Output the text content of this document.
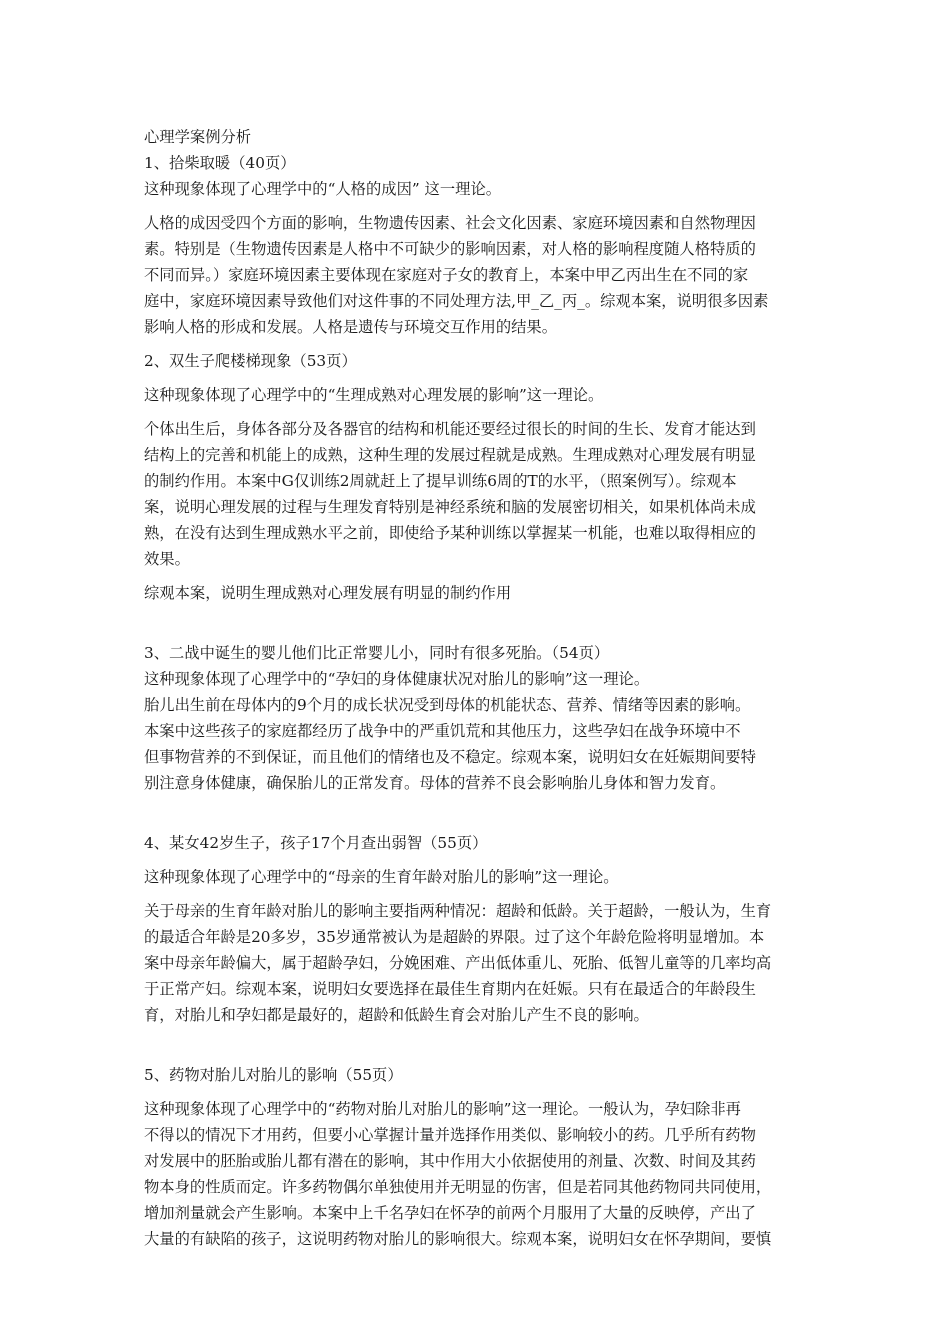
心理学案例分析

1、拾柴取暖（40页）

这种现象体现了心理学中的“人格的成因” 这一理论。

人格的成因受四个方面的影响，生物遗传因素、社会文化因素、家庭环境因素和自然物理因

素。特别是（生物遗传因素是人格中不可缺少的影响因素，对人格的影响程度随人格特质的

不同而异。）家庭环境因素主要体现在家庭对子女的教育上，本案中甲乙丙出生在不同的家

庭中，家庭环境因素导致他们对这件事的不同处理方法,甲_乙_丙_。综观本案，说明很多因素

影响人格的形成和发展。人格是遗传与环境交互作用的结果。

2、双生子爬楼梯现象（53页）

这种现象体现了心理学中的“生理成熟对心理发展的影响”这一理论。

个体出生后，身体各部分及各器官的结构和机能还要经过很长的时间的生长、发育才能达到

结构上的完善和机能上的成熟，这种生理的发展过程就是成熟。生理成熟对心理发展有明显

的制约作用。本案中G仅训练2周就赶上了提早训练6周的T的水平，（照案例写）。综观本

案，说明心理发展的过程与生理发育特别是神经系统和脑的发展密切相关，如果机体尚未成

熟，在没有达到生理成熟水平之前，即使给予某种训练以掌握某一机能，也难以取得相应的

效果。

综观本案，说明生理成熟对心理发展有明显的制约作用

3、二战中诞生的婴儿他们比正常婴儿小，同时有很多死胎。（54页）

这种现象体现了心理学中的“孕妇的身体健康状况对胎儿的影响”这一理论。

胎儿出生前在母体内的9个月的成长状况受到母体的机能状态、营养、情绪等因素的影响。

本案中这些孩子的家庭都经历了战争中的严重饥荒和其他压力，这些孕妇在战争环境中不

但事物营养的不到保证，而且他们的情绪也及不稳定。综观本案，说明妇女在妊娠期间要特

别注意身体健康，确保胎儿的正常发育。母体的营养不良会影响胎儿身体和智力发育。

4、某女42岁生子，孩子17个月查出弱智（55页）

这种现象体现了心理学中的“母亲的生育年龄对胎儿的影响”这一理论。

关于母亲的生育年龄对胎儿的影响主要指两种情况：超龄和低龄。关于超龄，一般认为，生育

的最适合年龄是20多岁，35岁通常被认为是超龄的界限。过了这个年龄危险将明显增加。本

案中母亲年龄偏大，属于超龄孕妇，分娩困难、产出低体重儿、死胎、低智儿童等的几率均高

于正常产妇。综观本案，说明妇女要选择在最佳生育期内在妊娠。只有在最适合的年龄段生

育，对胎儿和孕妇都是最好的，超龄和低龄生育会对胎儿产生不良的影响。

5、药物对胎儿对胎儿的影响（55页）

这种现象体现了心理学中的“药物对胎儿对胎儿的影响”这一理论。一般认为，孕妇除非再

不得以的情况下才用药，但要小心掌握计量并选择作用类似、影响较小的药。几乎所有药物

对发展中的胚胎或胎儿都有潜在的影响，其中作用大小依据使用的剂量、次数、时间及其药

物本身的性质而定。许多药物偶尔单独使用并无明显的伤害，但是若同其他药物同共同使用，

增加剂量就会产生影响。本案中上千名孕妇在怀孕的前两个月服用了大量的反映停，产出了

大量的有缺陷的孩子，这说明药物对胎儿的影响很大。综观本案，说明妇女在怀孕期间，要慎
